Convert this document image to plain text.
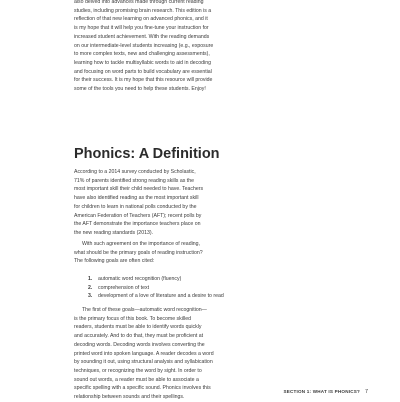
also delved into advances made through current reading
studies, including promising brain research. This edition is a
reflection of that new learning on advanced phonics, and it
is my hope that it will help you fine-tune your instruction for
increased student achievement. With the reading demands
on our intermediate-level students increasing (e.g., exposure
to more complex texts, new and challenging assessments),
learning how to tackle multisyllabic words to aid in decoding
and focusing on word parts to build vocabulary are essential
for their success. It is my hope that this resource will provide
some of the tools you need to help these students. Enjoy!

Phonics: A Definition

According to a 2014 survey conducted by Scholastic,
71% of parents identified strong reading skills as the
most important skill their child needed to have. Teachers
have also identified reading as the most important skill
for children to learn in national polls conducted by the
American Federation of Teachers (AFT); recent polls by
the AFT demonstrate the importance teachers place on
the new reading standards (2013).

With such agreement on the importance of reading,
what should be the primary goals of reading instruction?
The following goals are often cited:

1.	automatic word recognition (fluency)
2.	comprehension of text
3.	development of a love of literature and a desire to read

The first of these goals—automatic word recognition—
is the primary focus of this book. To become skilled
readers, students must be able to identify words quickly
and accurately. And to do that, they must be proficient at
decoding words. Decoding words involves converting the
printed word into spoken language. A reader decodes a word
by sounding it out, using structural analysis and syllabication
techniques, or recognizing the word by sight. In order to
sound out words, a reader must be able to associate a
specific spelling with a specific sound. Phonics involves this
relationship between sounds and their spellings.

SECTION 1: WHAT IS PHONICS? 7
